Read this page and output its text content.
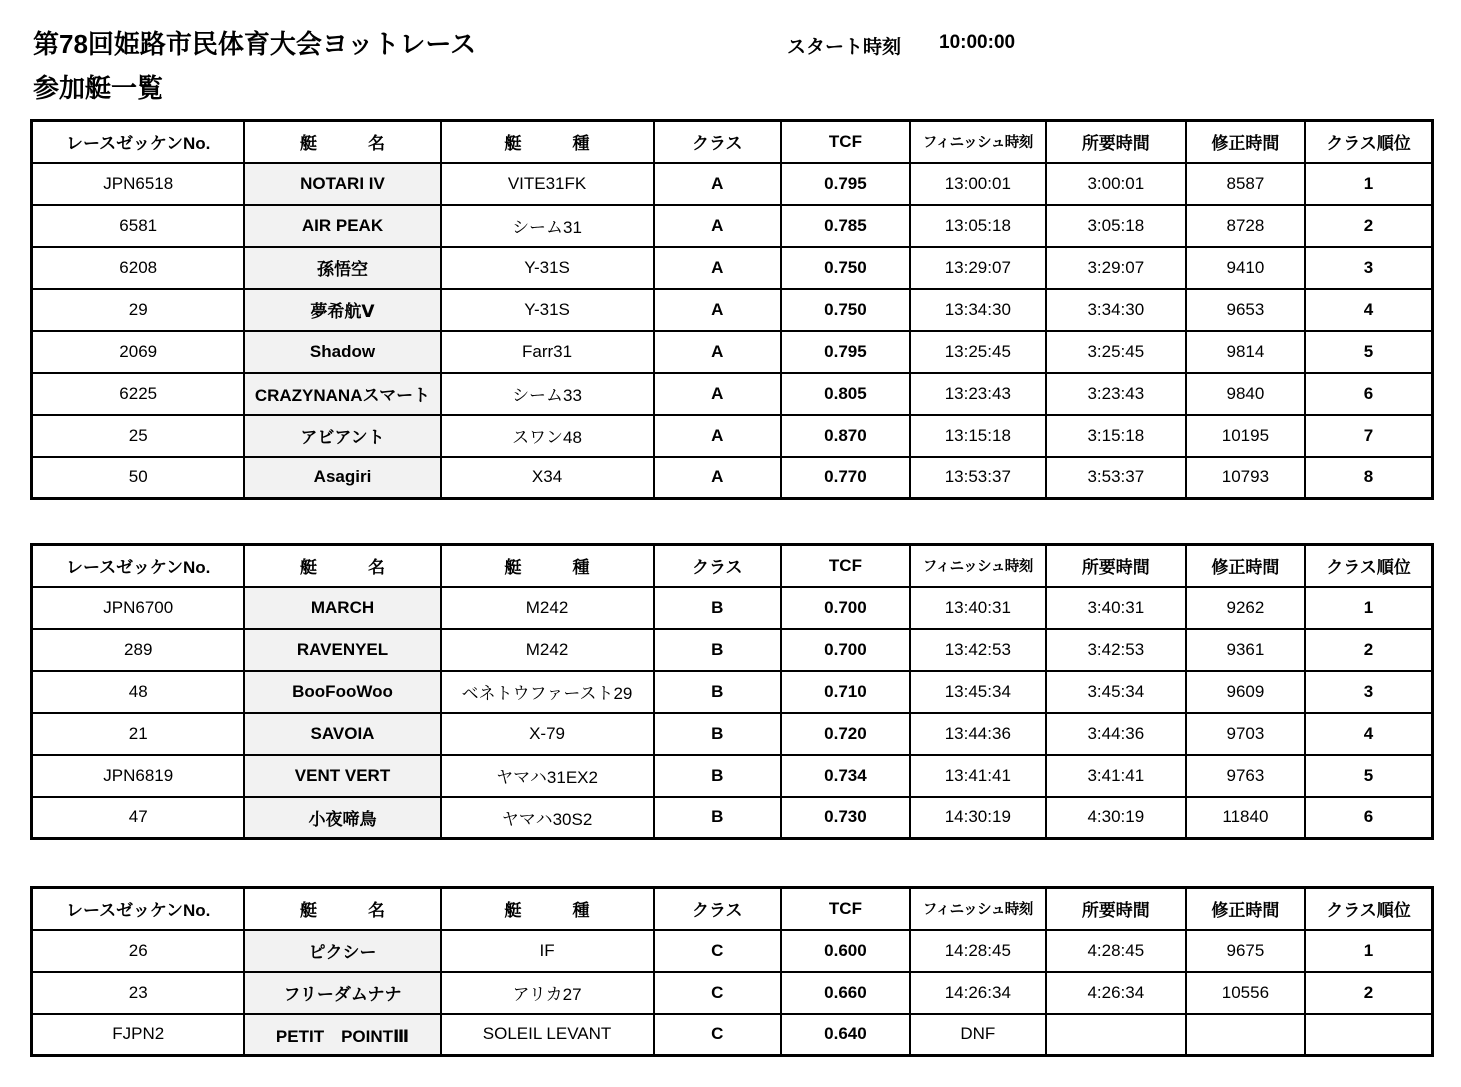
第78回姫路市民体育大会ヨットレース	スタート時刻 10:00:00
参加艇一覧
レースゼッケンNo.	艇　　　名	艇　　　種	クラス	TCF	フィニッシュ時刻	所要時間	修正時間	クラス順位
JPN6518	NOTARI IV	VITE31FK	A	0.795	13:00:01	3:00:01	8587	1
6581	AIR PEAK	シーム31	A	0.785	13:05:18	3:05:18	8728	2
6208	孫悟空	Y-31S	A	0.750	13:29:07	3:29:07	9410	3
29	夢希航Ⅴ	Y-31S	A	0.750	13:34:30	3:34:30	9653	4
2069	Shadow	Farr31	A	0.795	13:25:45	3:25:45	9814	5
6225	CRAZYNANAスマート	シーム33	A	0.805	13:23:43	3:23:43	9840	6
25	アビアント	スワン48	A	0.870	13:15:18	3:15:18	10195	7
50	Asagiri	X34	A	0.770	13:53:37	3:53:37	10793	8
レースゼッケンNo.	艇　　　名	艇　　　種	クラス	TCF	フィニッシュ時刻	所要時間	修正時間	クラス順位
JPN6700	MARCH	M242	B	0.700	13:40:31	3:40:31	9262	1
289	RAVENYEL	M242	B	0.700	13:42:53	3:42:53	9361	2
48	BooFooWoo	ベネトウファースト29	B	0.710	13:45:34	3:45:34	9609	3
21	SAVOIA	X-79	B	0.720	13:44:36	3:44:36	9703	4
JPN6819	VENT VERT	ヤマハ31EX2	B	0.734	13:41:41	3:41:41	9763	5
47	小夜啼鳥	ヤマハ30S2	B	0.730	14:30:19	4:30:19	11840	6
レースゼッケンNo.	艇　　　名	艇　　　種	クラス	TCF	フィニッシュ時刻	所要時間	修正時間	クラス順位
26	ピクシー	IF	C	0.600	14:28:45	4:28:45	9675	1
23	フリーダムナナ	アリカ27	C	0.660	14:26:34	4:26:34	10556	2
FJPN2	PETIT　POINTⅢ	SOLEIL LEVANT	C	0.640	DNF			
